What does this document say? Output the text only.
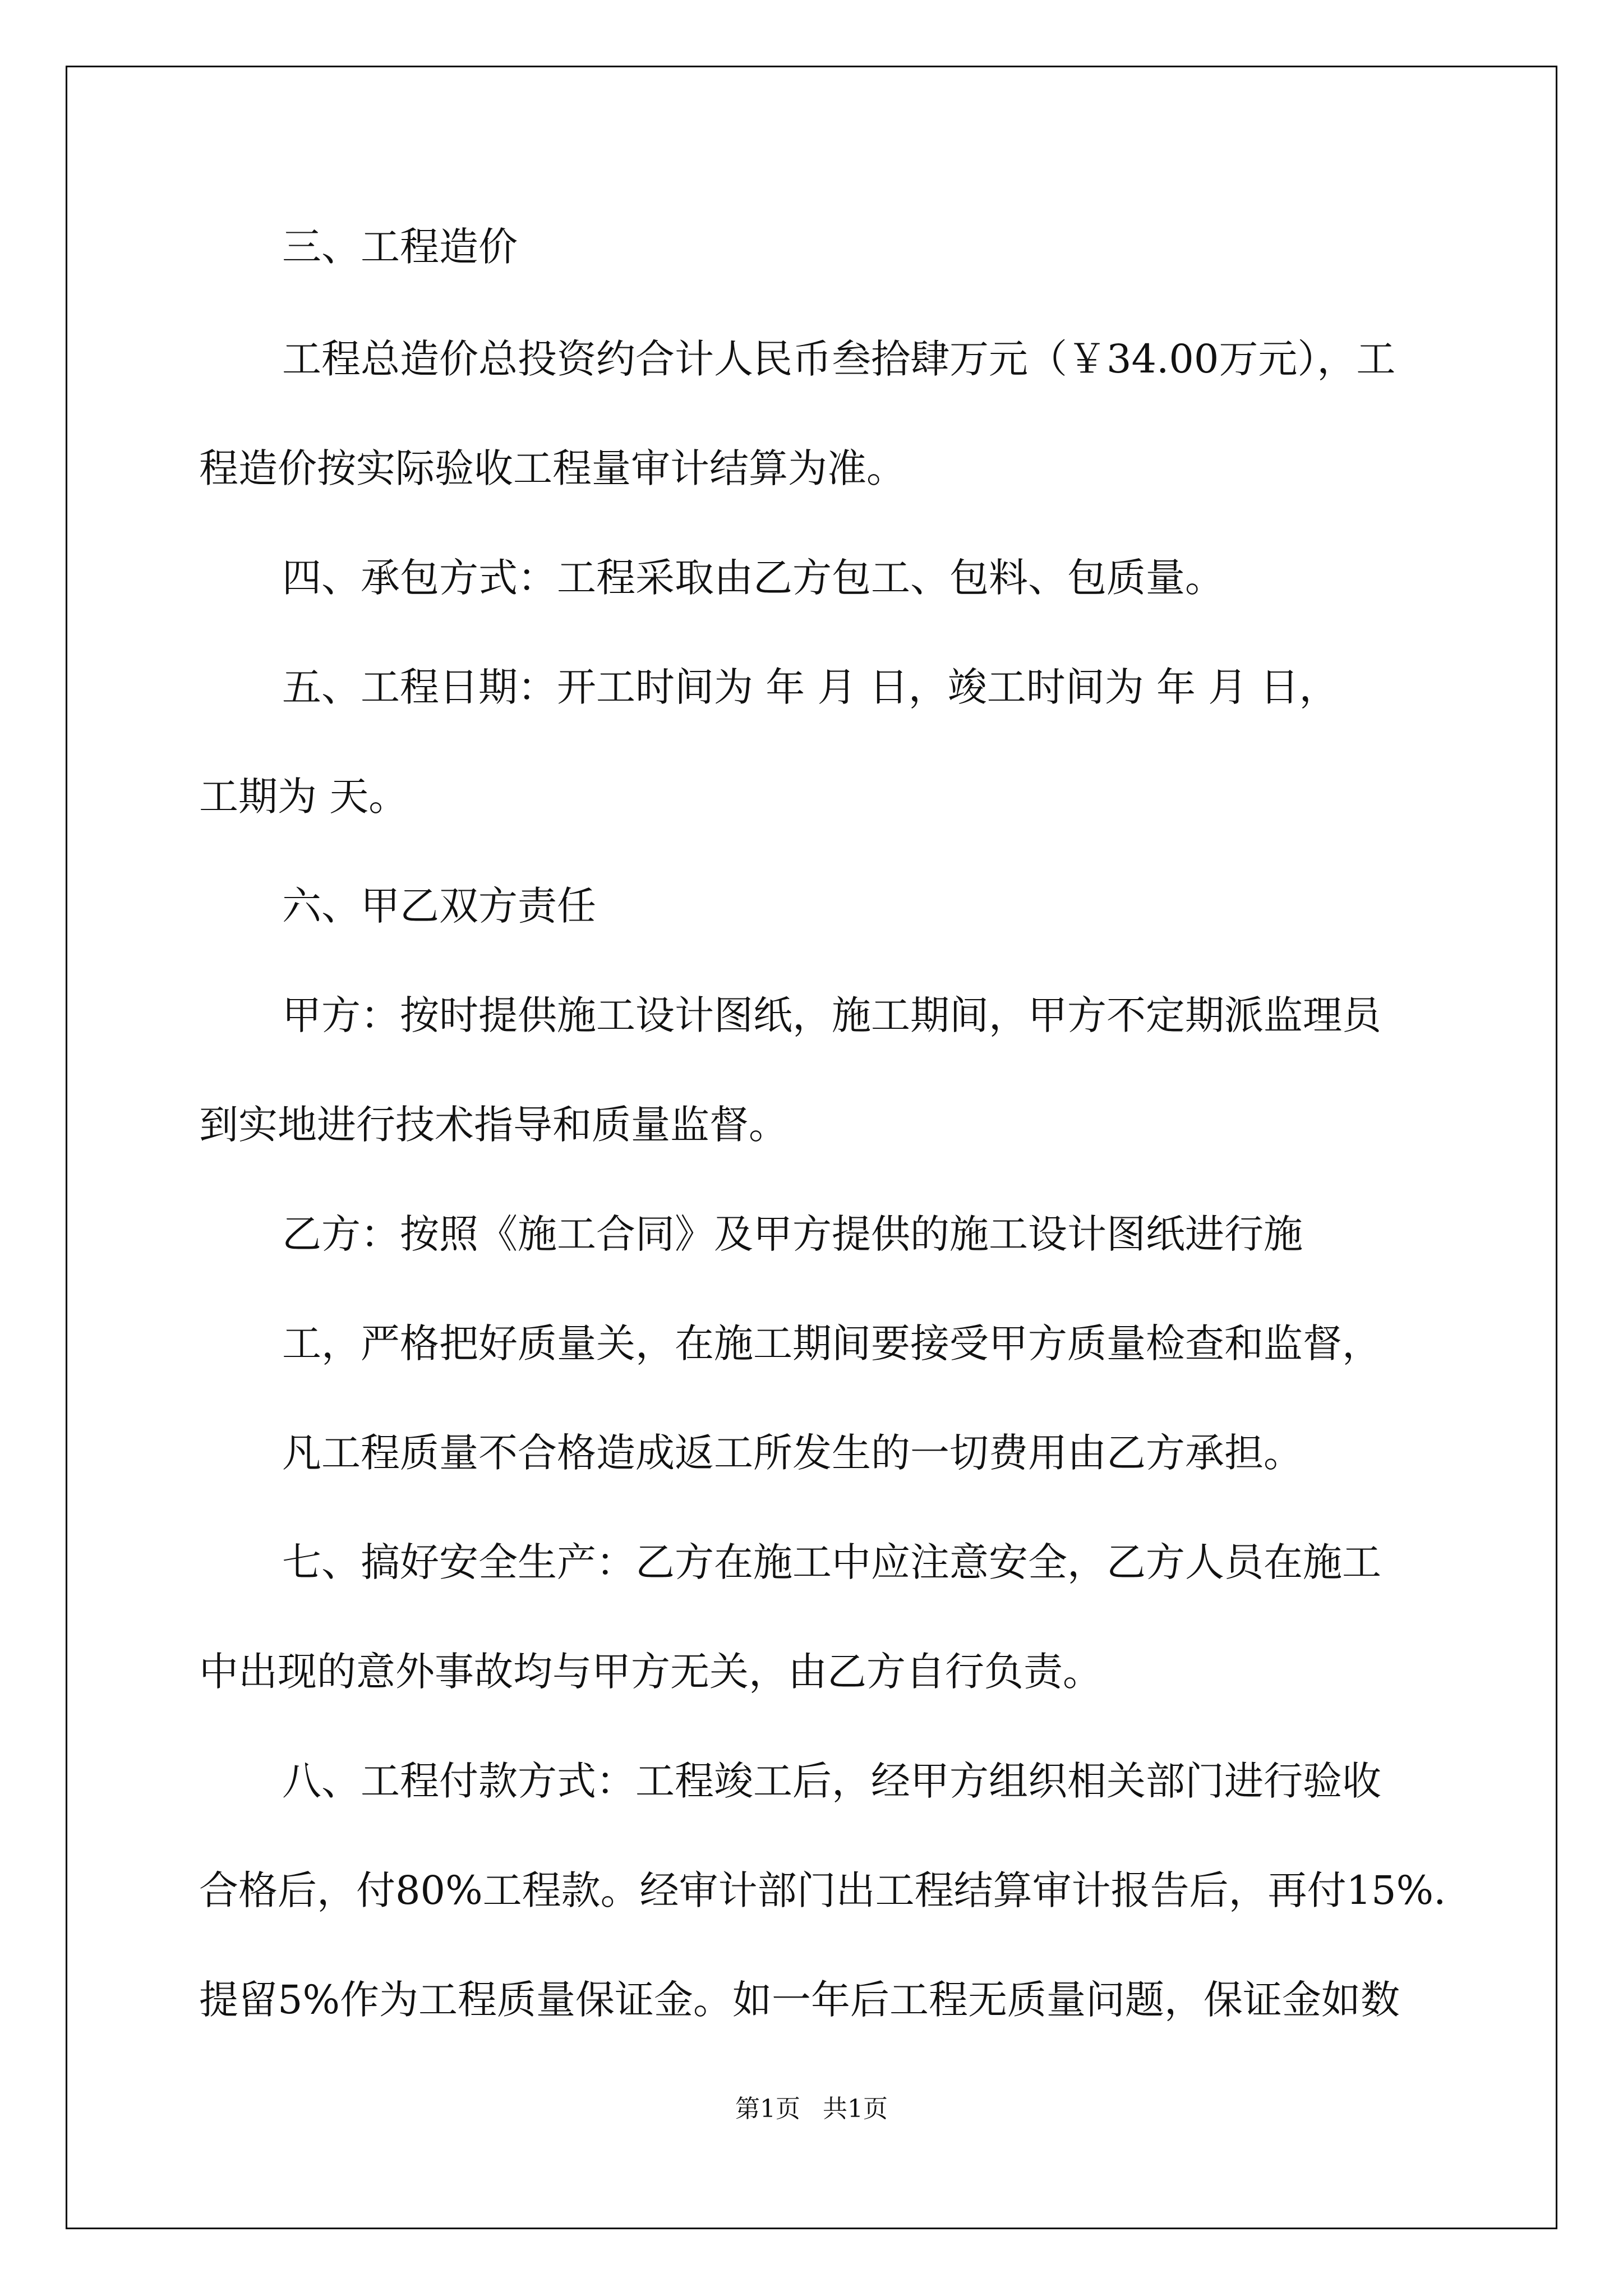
三、工程造价
工程总造价总投资约合计人民币叁拾肆万元（￥34.00万元），工
程造价按实际验收工程量审计结算为准。
四、承包方式：工程采取由乙方包工、包料、包质量。
五、工程日期：开工时间为 年 月 日，竣工时间为 年 月 日，
工期为 天。
六、甲乙双方责任
甲方：按时提供施工设计图纸，施工期间，甲方不定期派监理员
到实地进行技术指导和质量监督。
乙方：按照《施工合同》及甲方提供的施工设计图纸进行施
工，严格把好质量关，在施工期间要接受甲方质量检查和监督，
凡工程质量不合格造成返工所发生的一切费用由乙方承担。
七、搞好安全生产：乙方在施工中应注意安全，乙方人员在施工
中出现的意外事故均与甲方无关，由乙方自行负责。
八、工程付款方式：工程竣工后，经甲方组织相关部门进行验收
合格后，付80%工程款。经审计部门出工程结算审计报告后，再付15%.
提留5%作为工程质量保证金。如一年后工程无质量问题，保证金如数
第1页 共1页
